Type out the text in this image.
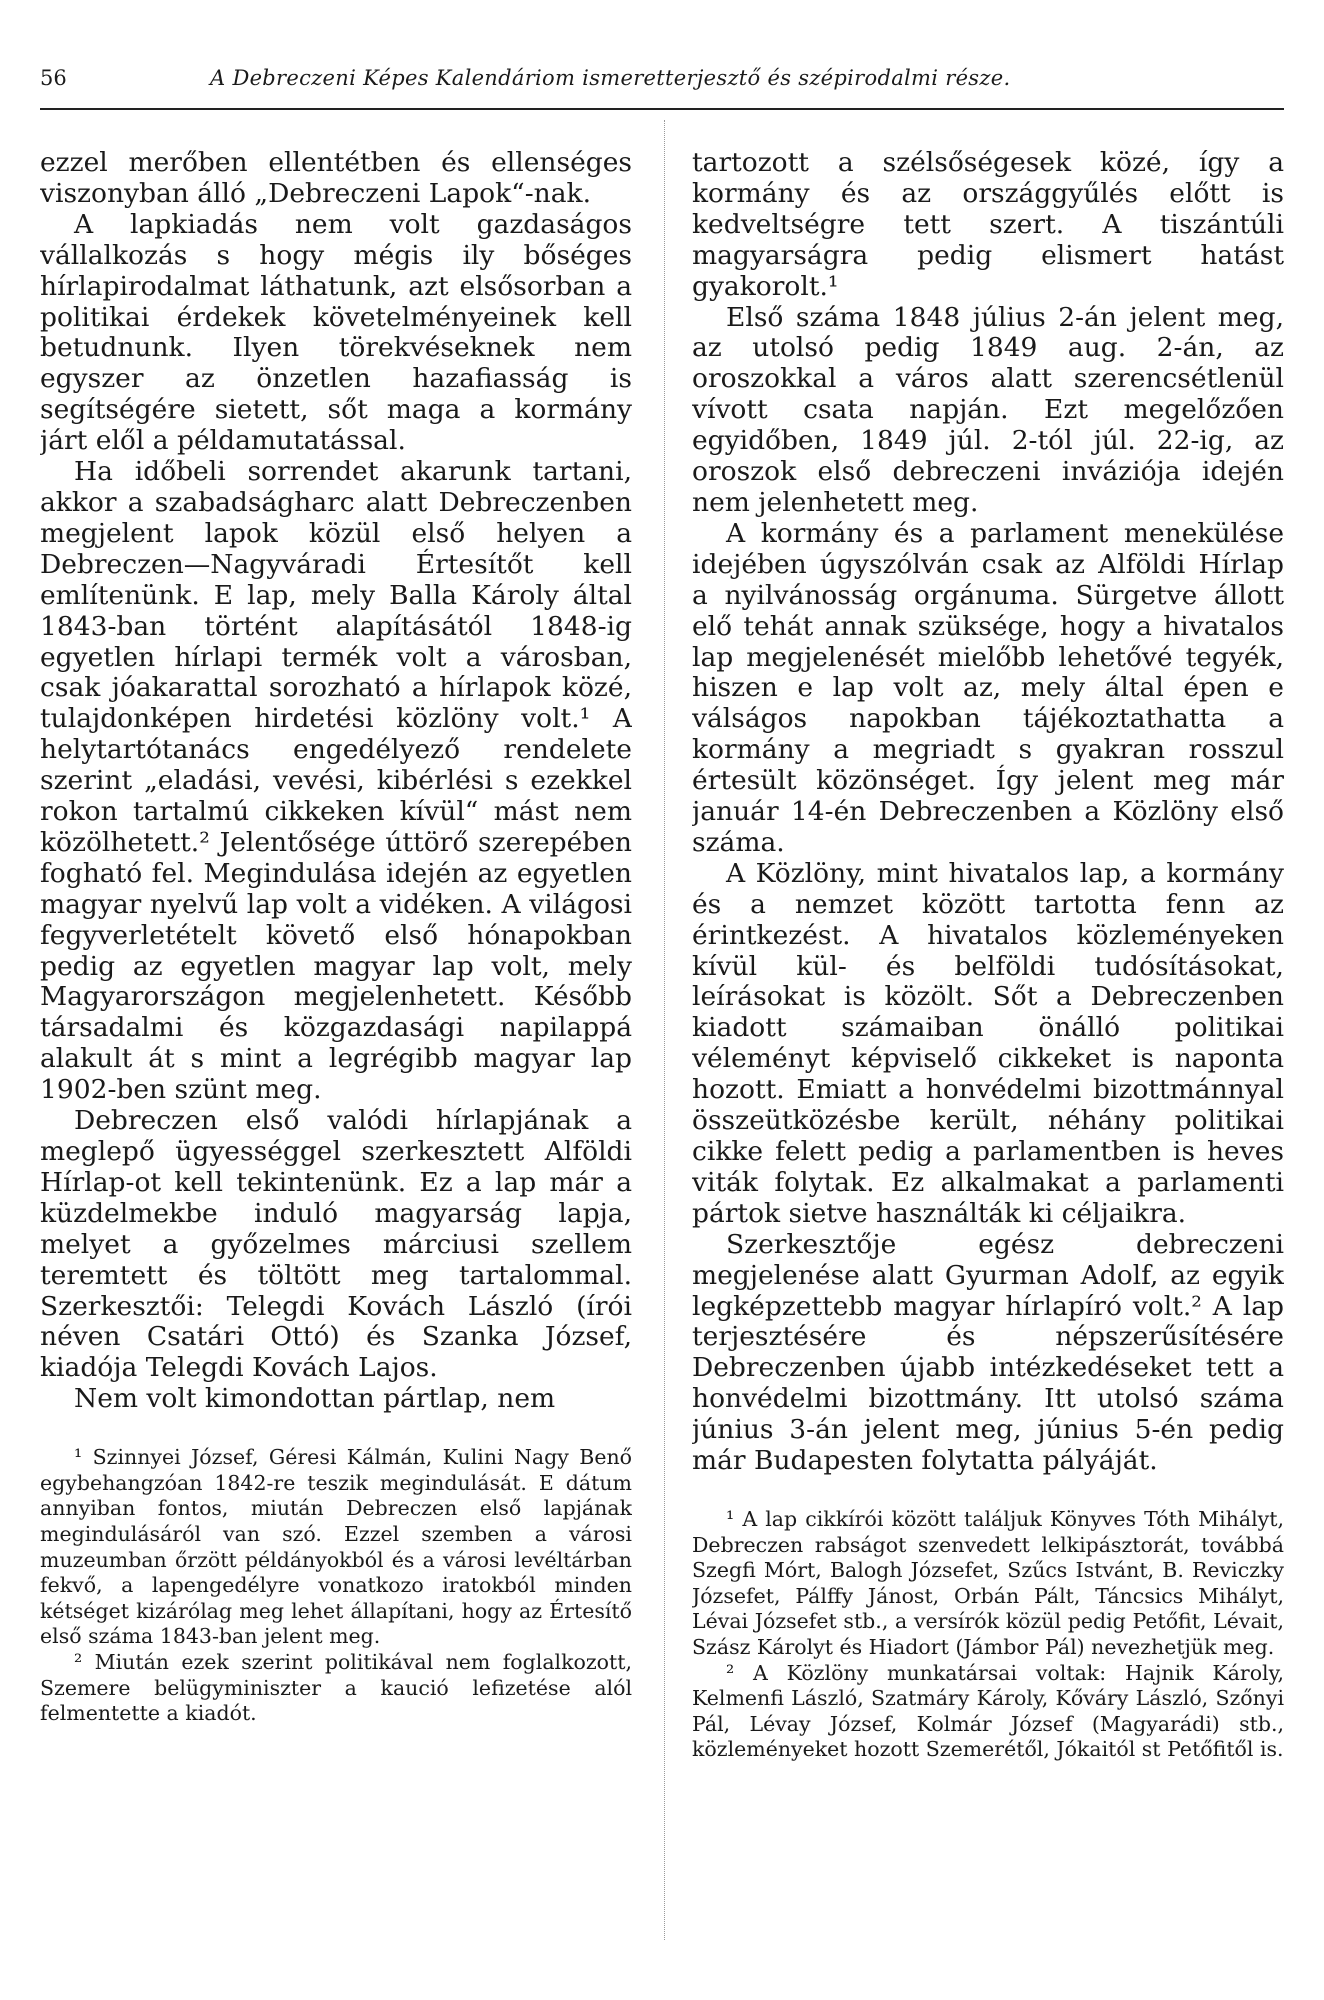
56	A Debreczeni Képes Kalendáriom ismeretterjesztő és szépirodalmi része.

ezzel merőben ellentétben és ellenséges viszonyban álló „Debreczeni Lapok“-nak.

A lapkiadás nem volt gazdaságos vállalkozás s hogy mégis ily bőséges hírlapirodalmat láthatunk, azt elsősorban a politikai érdekek követelményeinek kell betudnunk. Ilyen törekvéseknek nem egyszer az önzetlen hazafiasság is segítségére sietett, sőt maga a kormány járt elől a példamutatással.

Ha időbeli sorrendet akarunk tartani, akkor a szabadságharc alatt Debreczenben megjelent lapok közül első helyen a Debreczen—Nagyváradi Értesítőt kell említenünk. E lap, mely Balla Károly által 1843-ban történt alapításától 1848-ig egyetlen hírlapi termék volt a városban, csak jóakarattal sorozható a hírlapok közé, tulajdonképen hirdetési közlöny volt.¹ A helytartótanács engedélyező rendelete szerint „eladási, vevési, kibérlési s ezekkel rokon tartalmú cikkeken kívül“ mást nem közölhetett.² Jelentősége úttörő szerepében fogható fel. Megindulása idején az egyetlen magyar nyelvű lap volt a vidéken. A világosi fegyverletételt követő első hónapokban pedig az egyetlen magyar lap volt, mely Magyarországon megjelenhetett. Később társadalmi és közgazdasági napilappá alakult át s mint a legrégibb magyar lap 1902-ben szünt meg.

Debreczen első valódi hírlapjának a meglepő ügyességgel szerkesztett Alföldi Hírlap-ot kell tekintenünk. Ez a lap már a küzdelmekbe induló magyarság lapja, melyet a győzelmes márciusi szellem teremtett és töltött meg tartalommal. Szerkesztői: Telegdi Kovách László (írói néven Csatári Ottó) és Szanka József, kiadója Telegdi Kovách Lajos.

Nem volt kimondottan pártlap, nem

¹ Szinnyei József, Géresi Kálmán, Kulini Nagy Benő egybehangzóan 1842-re teszik megindulását. E dátum annyiban fontos, miután Debreczen első lapjának megindulásáról van szó. Ezzel szemben a városi muzeumban őrzött példányokból és a városi levéltárban fekvő, a lapengedélyre vonatkozo iratokból minden kétséget kizárólag meg lehet állapítani, hogy az Értesítő első száma 1843-ban jelent meg.

² Miután ezek szerint politikával nem foglalkozott, Szemere belügyminiszter a kaució lefizetése alól felmentette a kiadót.

tartozott a szélsőségesek közé, így a kormány és az országgyűlés előtt is kedveltségre tett szert. A tiszántúli magyarságra pedig elismert hatást gyakorolt.¹

Első száma 1848 július 2-án jelent meg, az utolsó pedig 1849 aug. 2-án, az oroszokkal a város alatt szerencsétlenül vívott csata napján. Ezt megelőzően egyidőben, 1849 júl. 2-tól júl. 22-ig, az oroszok első debreczeni inváziója idején nem jelenhetett meg.

A kormány és a parlament menekülése idejében úgyszólván csak az Alföldi Hírlap a nyilvánosság orgánuma. Sürgetve állott elő tehát annak szüksége, hogy a hivatalos lap megjelenését mielőbb lehetővé tegyék, hiszen e lap volt az, mely által épen e válságos napokban tájékoztathatta a kormány a megriadt s gyakran rosszul értesült közönséget. Így jelent meg már január 14-én Debreczenben a Közlöny első száma.

A Közlöny, mint hivatalos lap, a kormány és a nemzet között tartotta fenn az érintkezést. A hivatalos közleményeken kívül kül- és belföldi tudósításokat, leírásokat is közölt. Sőt a Debreczenben kiadott számaiban önálló politikai véleményt képviselő cikkeket is naponta hozott. Emiatt a honvédelmi bizottmánnyal összeütközésbe került, néhány politikai cikke felett pedig a parlamentben is heves viták folytak. Ez alkalmakat a parlamenti pártok sietve használták ki céljaikra.

Szerkesztője egész debreczeni megjelenése alatt Gyurman Adolf, az egyik legképzettebb magyar hírlapíró volt.² A lap terjesztésére és népszerűsítésére Debreczenben újabb intézkedéseket tett a honvédelmi bizottmány. Itt utolsó száma június 3-án jelent meg, június 5-én pedig már Budapesten folytatta pályáját.

¹ A lap cikkírói között találjuk Könyves Tóth Mihályt, Debreczen rabságot szenvedett lelkipásztorát, továbbá Szegfi Mórt, Balogh Józsefet, Szűcs Istvánt, B. Reviczky Józsefet, Pálffy Jánost, Orbán Pált, Táncsics Mihályt, Lévai Józsefet stb., a versírók közül pedig Petőfit, Lévait, Szász Károlyt és Hiadort (Jámbor Pál) nevezhetjük meg.

² A Közlöny munkatársai voltak: Hajnik Károly, Kelmenfi László, Szatmáry Károly, Kőváry László, Szőnyi Pál, Lévay József, Kolmár József (Magyarádi) stb., közleményeket hozott Szemerétől, Jókaitól st Petőfitől is.
